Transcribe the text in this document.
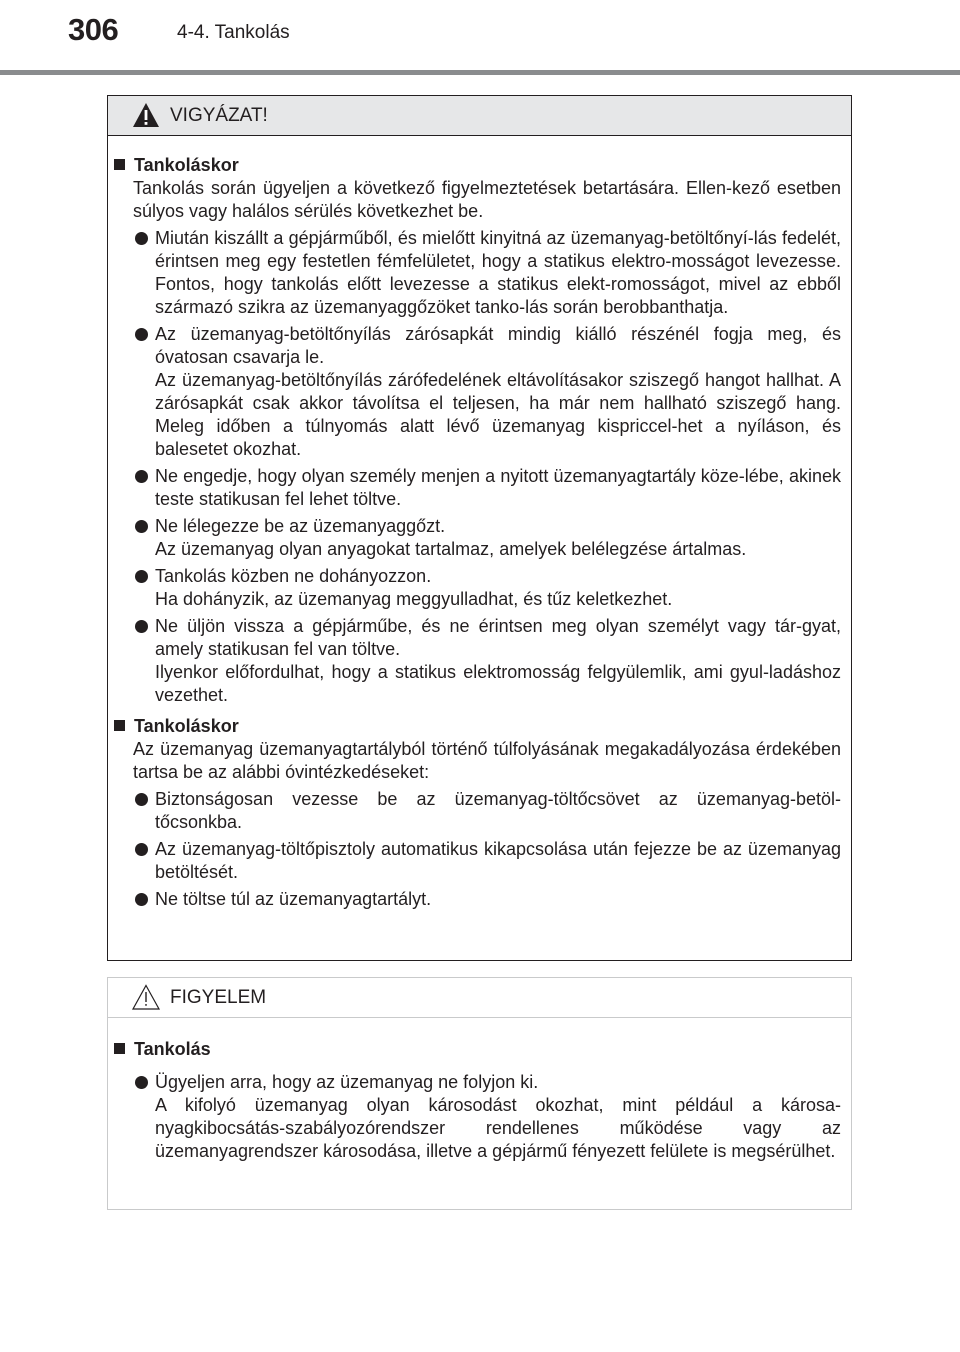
306	4-4. Tankolás
VIGYÁZAT!
Tankoláskor

Tankolás során ügyeljen a következő figyelmeztetések betartására. Ellen-kező esetben súlyos vagy halálos sérülés következhet be.

Miután kiszállt a gépjárműből, és mielőtt kinyitná az üzemanyag-betöltőnyí-lás fedelét, érintsen meg egy festetlen fémfelületet, hogy a statikus elektro-mosságot levezesse. Fontos, hogy tankolás előtt levezesse a statikus elekt-romosságot, mivel az ebből származó szikra az üzemanyaggőzöket tanko-lás során berobbanthatja.

Az üzemanyag-betöltőnyílás zárósapkát mindig kiálló részénél fogja meg, és óvatosan csavarja le.

Az üzemanyag-betöltőnyílás zárófedelének eltávolításakor sziszegő hangot hallhat. A zárósapkát csak akkor távolítsa el teljesen, ha már nem hallható sziszegő hang. Meleg időben a túlnyomás alatt lévő üzemanyag kispriccel-het a nyíláson, és balesetet okozhat.

Ne engedje, hogy olyan személy menjen a nyitott üzemanyagtartály köze-lébe, akinek teste statikusan fel lehet töltve.

Ne lélegezze be az üzemanyaggőzt.

Az üzemanyag olyan anyagokat tartalmaz, amelyek belélegzése ártalmas.

Tankolás közben ne dohányozzon.

Ha dohányzik, az üzemanyag meggyulladhat, és tűz keletkezhet.

Ne üljön vissza a gépjárműbe, és ne érintsen meg olyan személyt vagy tár-gyat, amely statikusan fel van töltve.

Ilyenkor előfordulhat, hogy a statikus elektromosság felgyülemlik, ami gyul-ladáshoz vezethet.

Tankoláskor

Az üzemanyag üzemanyagtartályból történő túlfolyásának megakadályozása érdekében tartsa be az alábbi óvintézkedéseket:

Biztonságosan vezesse be az üzemanyag-töltőcsövet az üzemanyag-betöl-tőcsonkba.

Az üzemanyag-töltőpisztoly automatikus kikapcsolása után fejezze be az üzemanyag betöltését.

Ne töltse túl az üzemanyagtartályt.

FIGYELEM
Tankolás

Ügyeljen arra, hogy az üzemanyag ne folyjon ki.

A kifolyó üzemanyag olyan károsodást okozhat, mint például a károsa-nyagkibocsátás-szabályozórendszer rendellenes működése vagy az üzemanyagrendszer károsodása, illetve a gépjármű fényezett felülete is megsérülhet.
